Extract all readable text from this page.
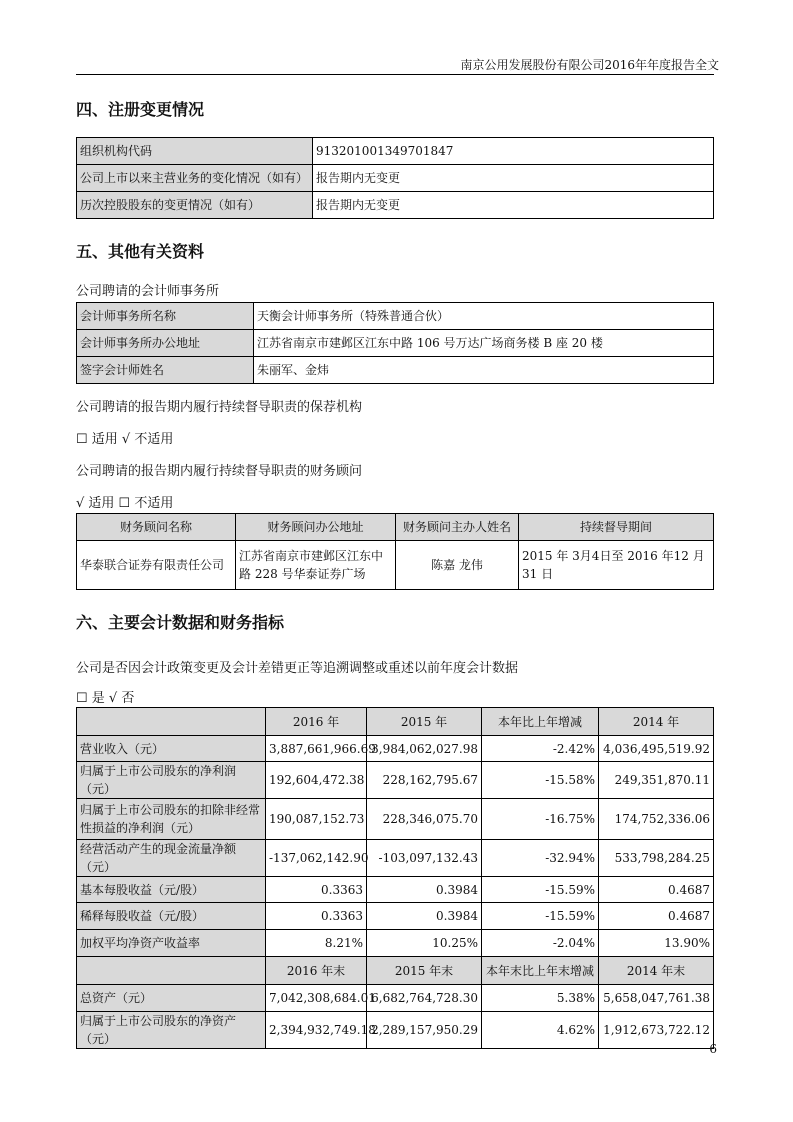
南京公用发展股份有限公司2016年年度报告全文
四、注册变更情况
组织机构代码	913201001349701847
公司上市以来主营业务的变化情况（如有）	报告期内无变更
历次控股股东的变更情况（如有）	报告期内无变更
五、其他有关资料
公司聘请的会计师事务所
会计师事务所名称	天衡会计师事务所（特殊普通合伙）
会计师事务所办公地址	江苏省南京市建邺区江东中路 106 号万达广场商务楼 B 座 20 楼
签字会计师姓名	朱丽军、金炜
公司聘请的报告期内履行持续督导职责的保荐机构
☐ 适用 √ 不适用
公司聘请的报告期内履行持续督导职责的财务顾问
√ 适用 ☐ 不适用
财务顾问名称	财务顾问办公地址	财务顾问主办人姓名	持续督导期间
华泰联合证券有限责任公司	江苏省南京市建邺区江东中路 228 号华泰证券广场	陈嘉 龙伟	2015 年 3月4日至 2016 年12 月31 日
六、主要会计数据和财务指标
公司是否因会计政策变更及会计差错更正等追溯调整或重述以前年度会计数据
☐ 是 √ 否
	2016 年	2015 年	本年比上年增减	2014 年
营业收入（元）	3,887,661,966.69	3,984,062,027.98	-2.42%	4,036,495,519.92
归属于上市公司股东的净利润（元）	192,604,472.38	228,162,795.67	-15.58%	249,351,870.11
归属于上市公司股东的扣除非经常性损益的净利润（元）	190,087,152.73	228,346,075.70	-16.75%	174,752,336.06
经营活动产生的现金流量净额（元）	-137,062,142.90	-103,097,132.43	-32.94%	533,798,284.25
基本每股收益（元/股）	0.3363	0.3984	-15.59%	0.4687
稀释每股收益（元/股）	0.3363	0.3984	-15.59%	0.4687
加权平均净资产收益率	8.21%	10.25%	-2.04%	13.90%
	2016 年末	2015 年末	本年末比上年末增减	2014 年末
总资产（元）	7,042,308,684.01	6,682,764,728.30	5.38%	5,658,047,761.38
归属于上市公司股东的净资产（元）	2,394,932,749.18	2,289,157,950.29	4.62%	1,912,673,722.12
6
